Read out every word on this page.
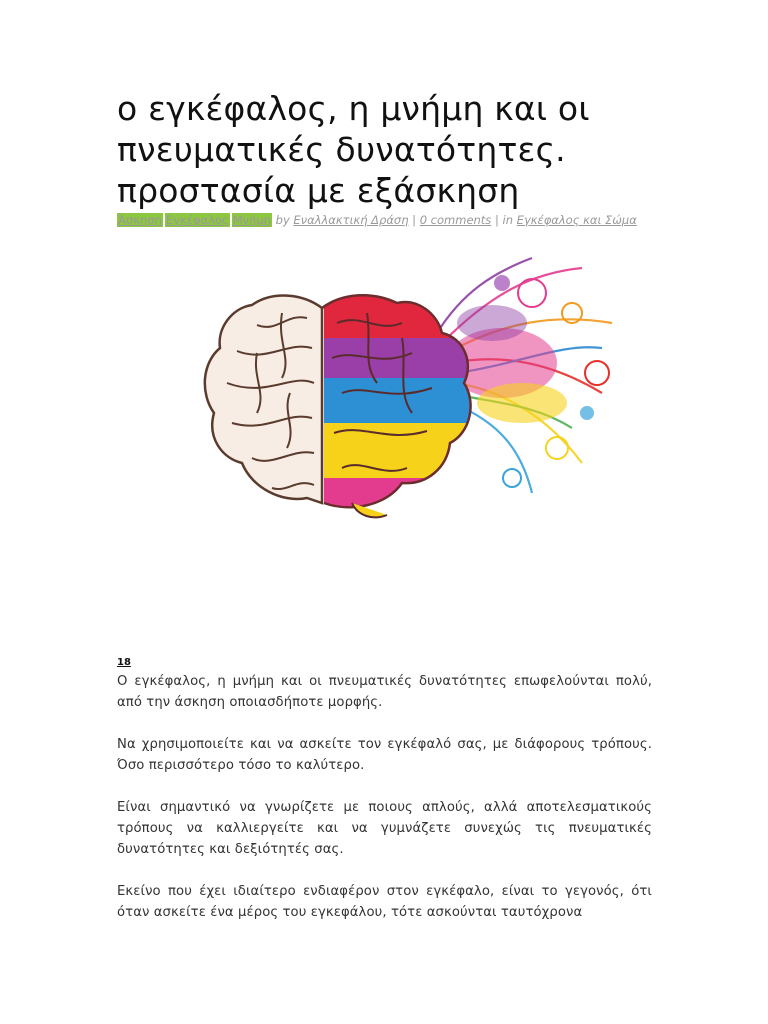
ο εγκέφαλος, η μνήμη και οι
πνευματικές δυνατότητες.
προστασία με εξάσκηση
Άσκηση Εγκέφαλος Μνήμη by Εναλλακτική Δράση | 0 comments | in Εγκέφαλος και Σώμα
18

Ο εγκέφαλος, η μνήμη και οι πνευματικές δυνατότητες επωφελούνται πολύ, από την άσκηση οποιασδήποτε μορφής.

Να χρησιμοποιείτε και να ασκείτε τον εγκέφαλό σας, με διάφορους τρόπους. Όσο περισσότερο τόσο το καλύτερο.

Είναι σημαντικό να γνωρίζετε με ποιους απλούς, αλλά αποτελεσματικούς τρόπους να καλλιεργείτε και να γυμνάζετε συνεχώς τις πνευματικές δυνατότητες και δεξιότητές σας.

Εκείνο που έχει ιδιαίτερο ενδιαφέρον στον εγκέφαλο, είναι το γεγονός, ότι όταν ασκείτε ένα μέρος του εγκεφάλου, τότε ασκούνται ταυτόχρονα
